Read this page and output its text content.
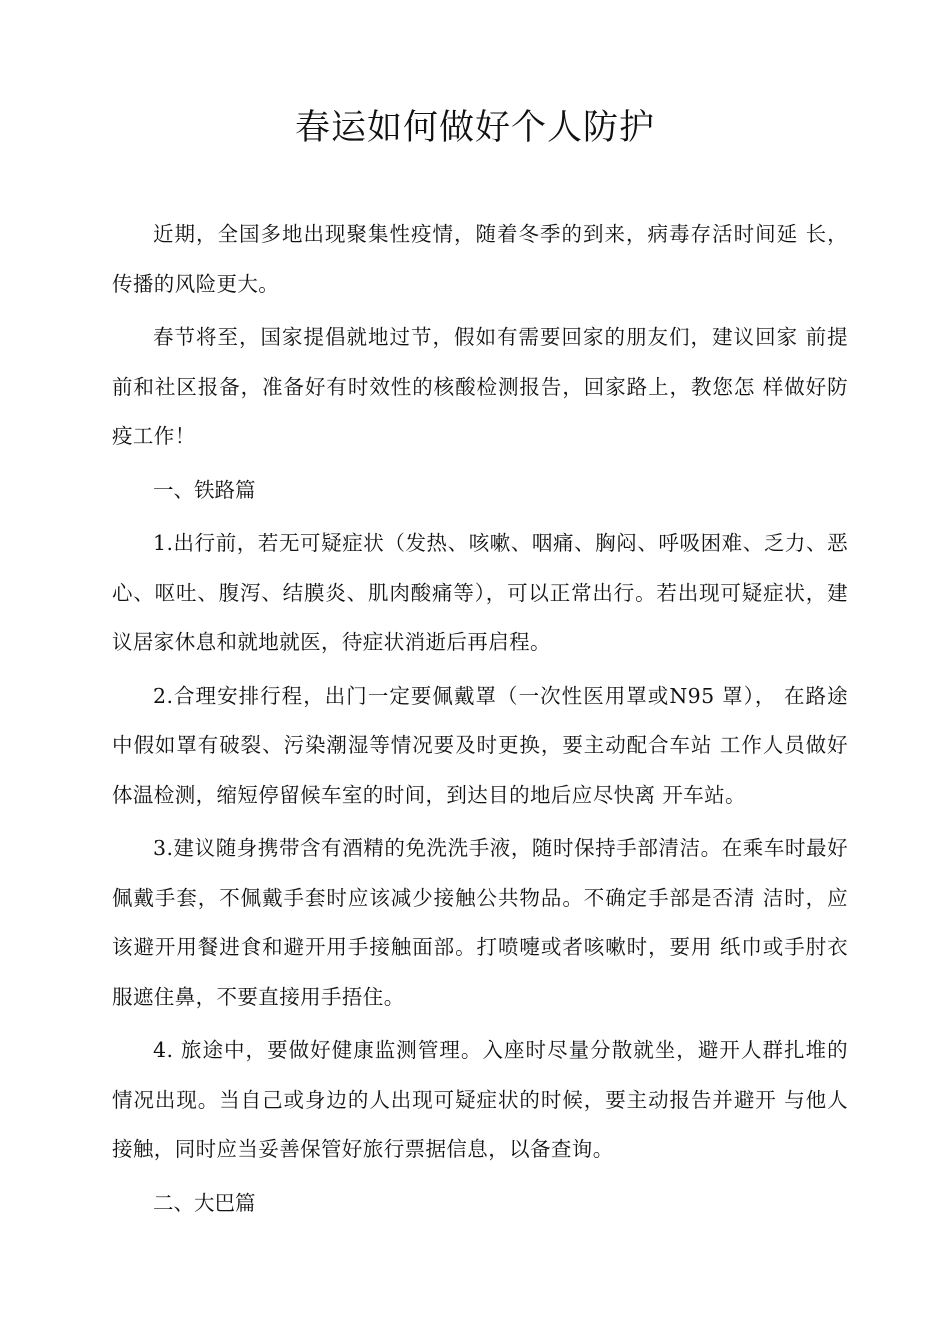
春运如何做好个人防护

近期，全国多地出现聚集性疫情，随着冬季的到来，病毒存活时间延 长，传播的风险更大。

春节将至，国家提倡就地过节，假如有需要回家的朋友们，建议回家 前提前和社区报备，准备好有时效性的核酸检测报告，回家路上，教您怎 样做好防疫工作！

一、铁路篇

1.出行前，若无可疑症状（发热、咳嗽、咽痛、胸闷、呼吸困难、乏力、恶心、呕吐、腹泻、结膜炎、肌肉酸痛等），可以正常出行。若出现可疑症状，建议居家休息和就地就医，待症状消逝后再启程。

2.合理安排行程，出门一定要佩戴罩（一次性医用罩或N95 罩）， 在路途中假如罩有破裂、污染潮湿等情况要及时更换，要主动配合车站 工作人员做好体温检测，缩短停留候车室的时间，到达目的地后应尽快离 开车站。

3.建议随身携带含有酒精的免洗洗手液，随时保持手部清洁。在乘车时最好佩戴手套，不佩戴手套时应该减少接触公共物品。不确定手部是否清 洁时，应该避开用餐进食和避开用手接触面部。打喷嚏或者咳嗽时，要用 纸巾或手肘衣服遮住鼻，不要直接用手捂住。

4. 旅途中，要做好健康监测管理。入座时尽量分散就坐，避开人群扎堆的情况出现。当自己或身边的人出现可疑症状的时候，要主动报告并避开 与他人接触，同时应当妥善保管好旅行票据信息，以备查询。

二、大巴篇
